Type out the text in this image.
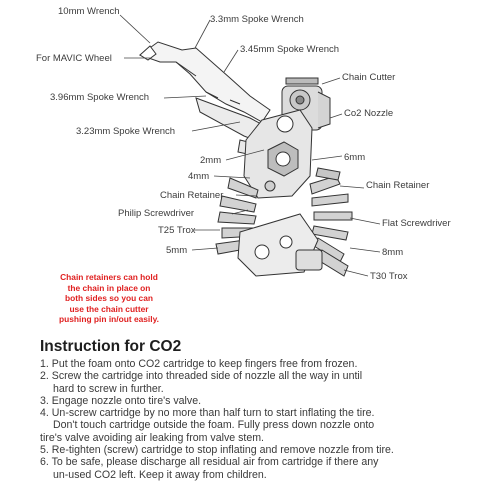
10mm Wrench
3.3mm Spoke Wrench
For MAVIC Wheel
3.45mm Spoke Wrench
3.96mm Spoke Wrench
Chain Cutter
Co2 Nozzle
3.23mm Spoke Wrench
2mm	6mm
4mm
Chain Retainer
Chain Retainer
Philip Screwdriver
Flat Screwdriver
T25 Trox
5mm	8mm
T30 Trox
Chain retainers can hold
the chain in place on
both sides so you can
use the chain cutter
pushing pin in/out easily.
Instruction for CO2
1. Put the foam onto CO2 cartridge to keep fingers free from frozen.
2. Screw the cartridge into threaded side of nozzle all the way in until
hard to screw in further.
3. Engage nozzle onto tire's valve.
4. Un-screw cartridge by no more than half turn to start inflating the tire.
Don't touch cartridge outside the foam. Fully press down nozzle onto
tire's valve avoiding air leaking from valve stem.
5. Re-tighten (screw) cartridge to stop inflating and remove nozzle from tire.
6. To be safe, please discharge all residual air from cartridge if there any
un-used CO2 left. Keep it away from children.
